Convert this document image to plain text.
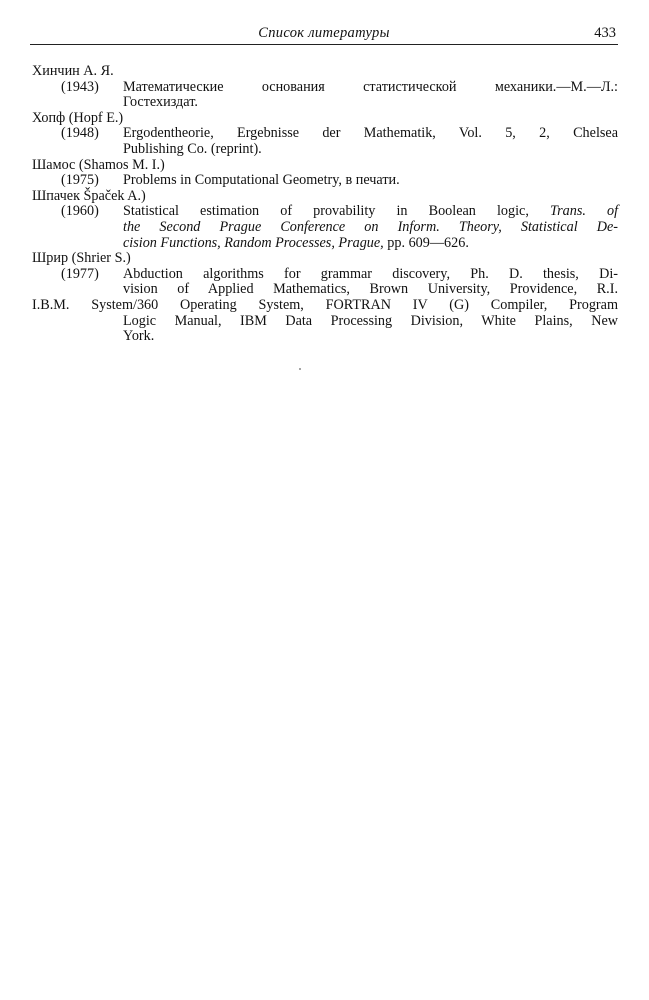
Список литературы	433

Хинчин А. Я.

(1943) Математические основания статистической механики.—М.—Л.:
Гостехиздат.

Хопф (Hopf E.)

(1948) Ergodentheorie, Ergebnisse der Mathematik, Vol. 5, 2, Chelsea
Publishing Co. (reprint).

Шамос (Shamos M. I.)

(1975) Problems in Computational Geometry, в печати.

Шпачек Špaček A.)

(1960) Statistical estimation of provability in Boolean logic, Trans. of
the Second Prague Conference on Inform. Theory, Statistical De-
cision Functions, Random Processes, Prague, pp. 609—626.

Шрир (Shrier S.)

(1977) Abduction algorithms for grammar discovery, Ph. D. thesis, Di-
vision of Applied Mathematics, Brown University, Providence, R.I.
I.B.M. System/360 Operating System, FORTRAN IV (G) Compiler, Program
Logic Manual, IBM Data Processing Division, White Plains, New
York.
